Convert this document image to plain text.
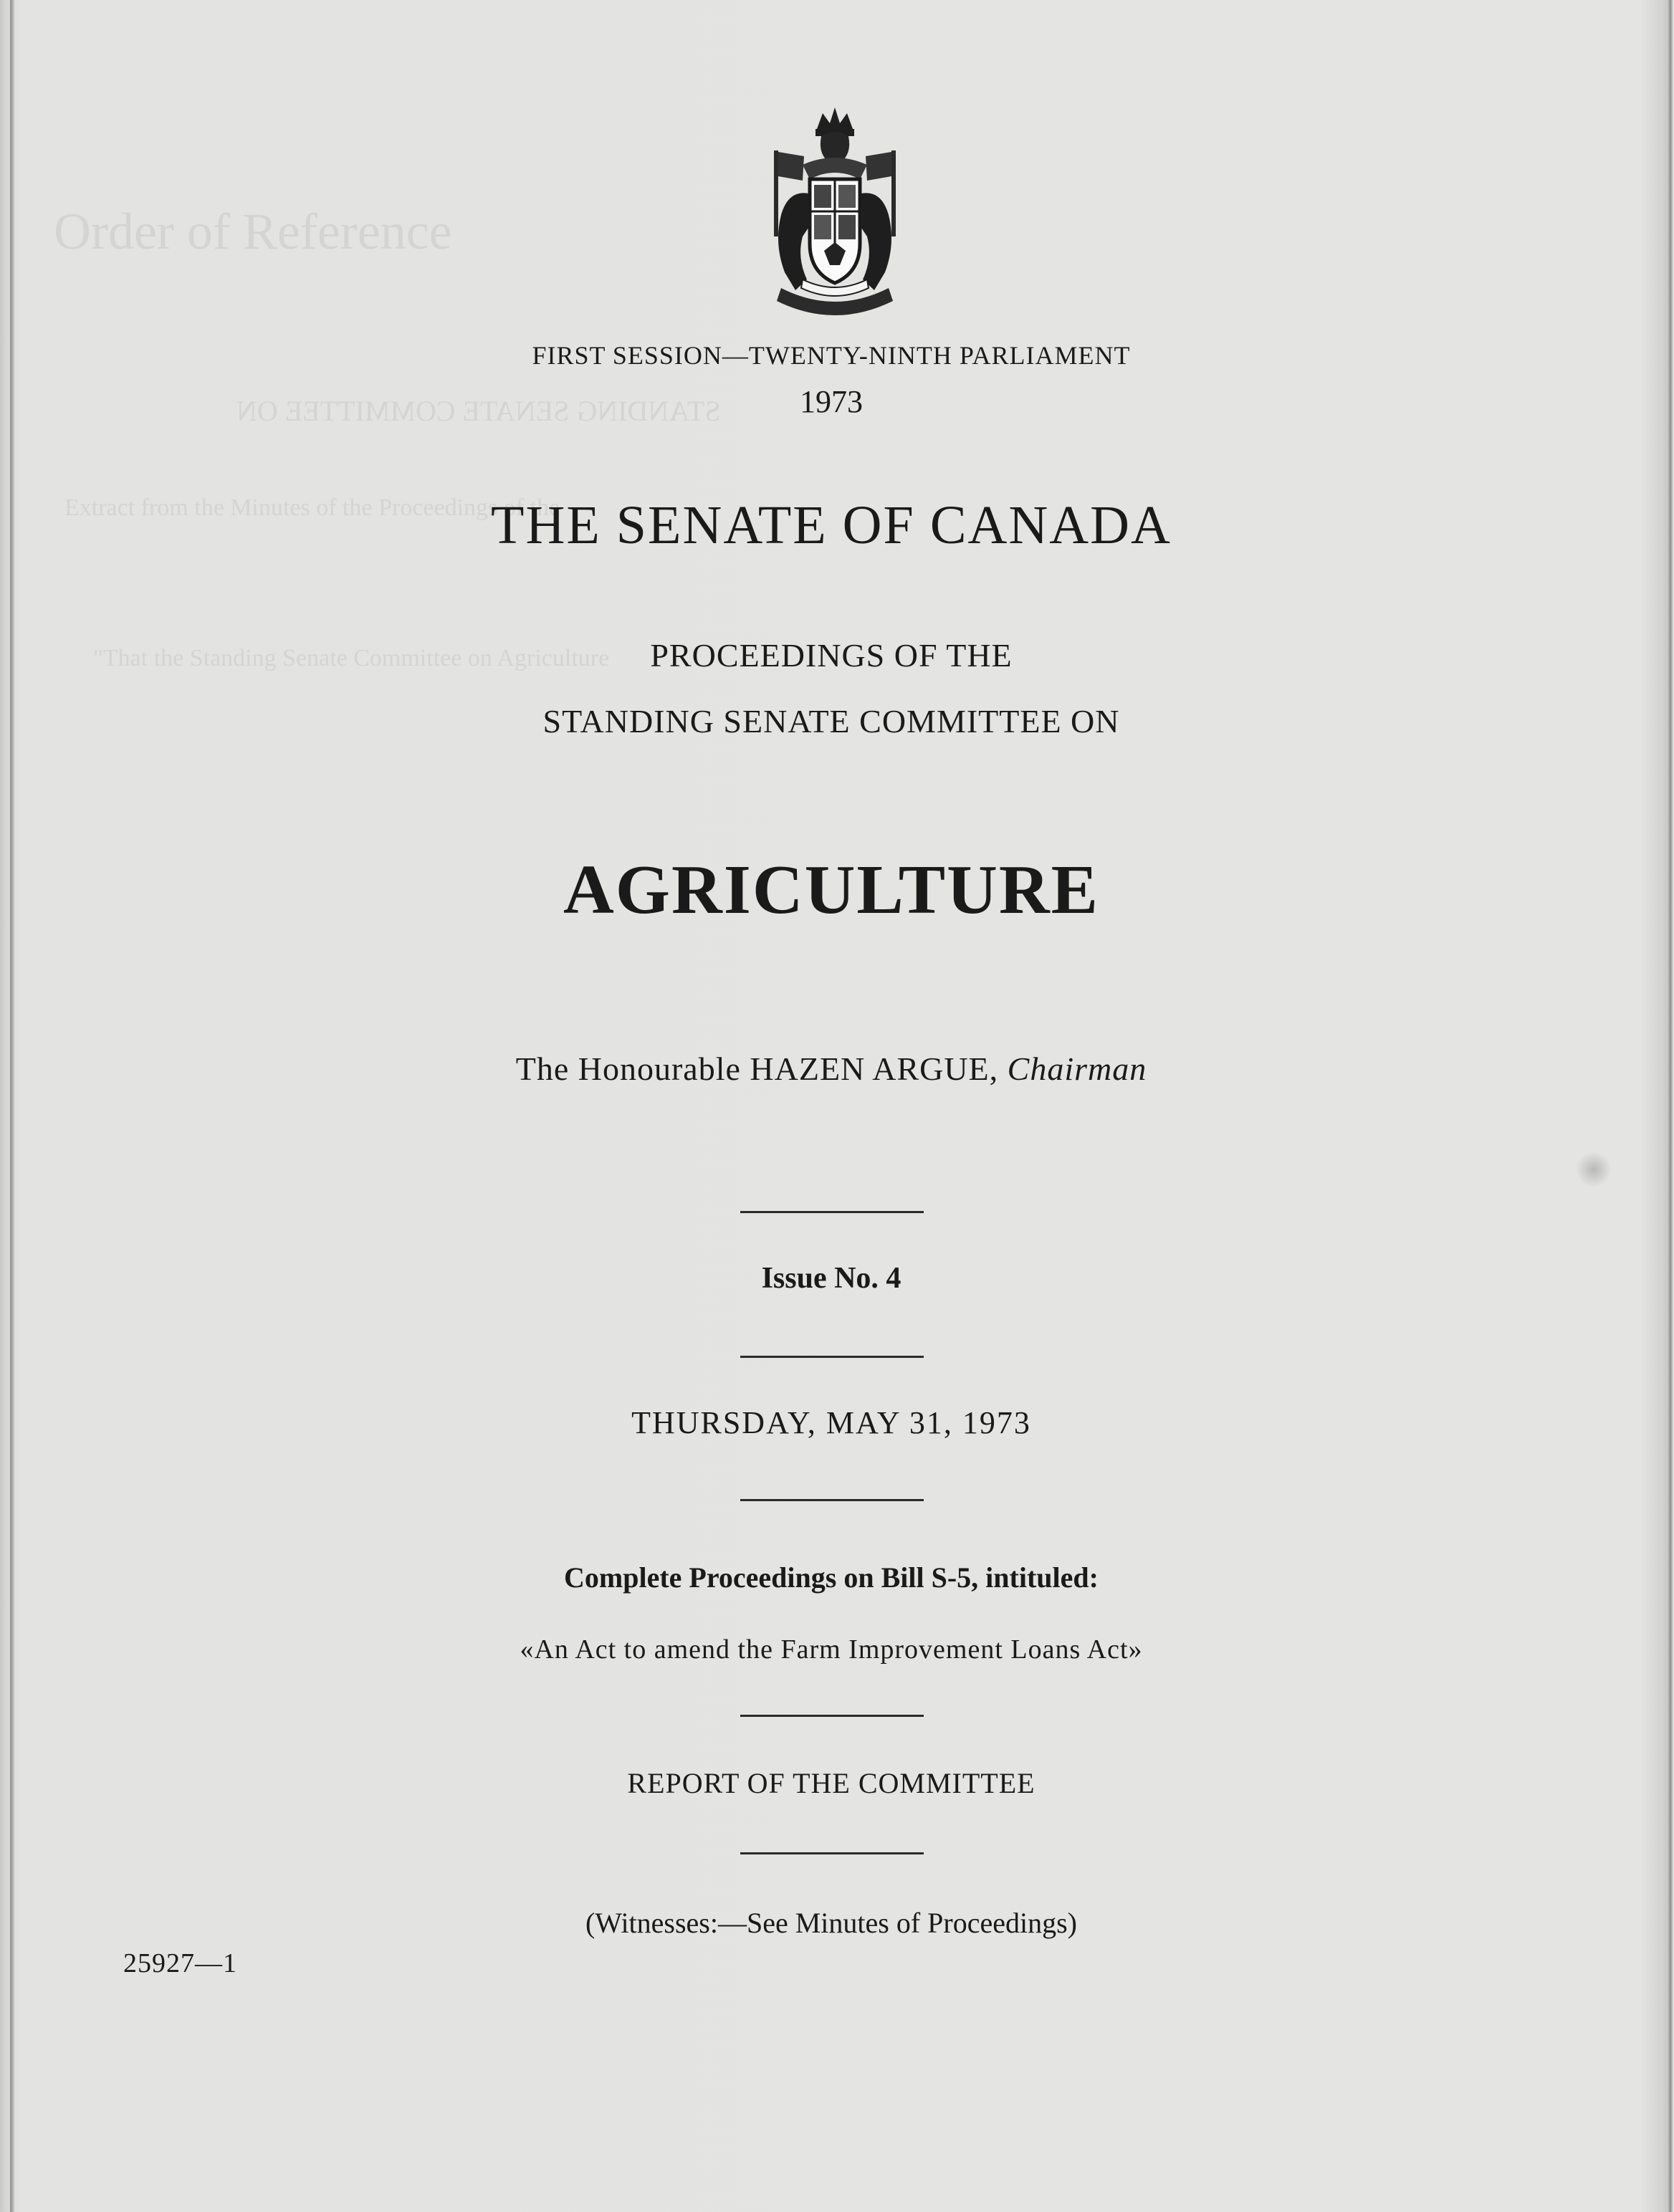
Order of Reference
STANDING SENATE COMMITTEE ON
Extract from the Minutes of the Proceedings of the
"That the Standing Senate Committee on Agriculture
FIRST SESSION—TWENTY-NINTH PARLIAMENT
1973
THE SENATE OF CANADA
PROCEEDINGS OF THE
STANDING SENATE COMMITTEE ON
AGRICULTURE
The Honourable HAZEN ARGUE, Chairman
Issue No. 4
THURSDAY, MAY 31, 1973
Complete Proceedings on Bill S-5, intituled:
«An Act to amend the Farm Improvement Loans Act»
REPORT OF THE COMMITTEE
(Witnesses:—See Minutes of Proceedings)
25927—1
